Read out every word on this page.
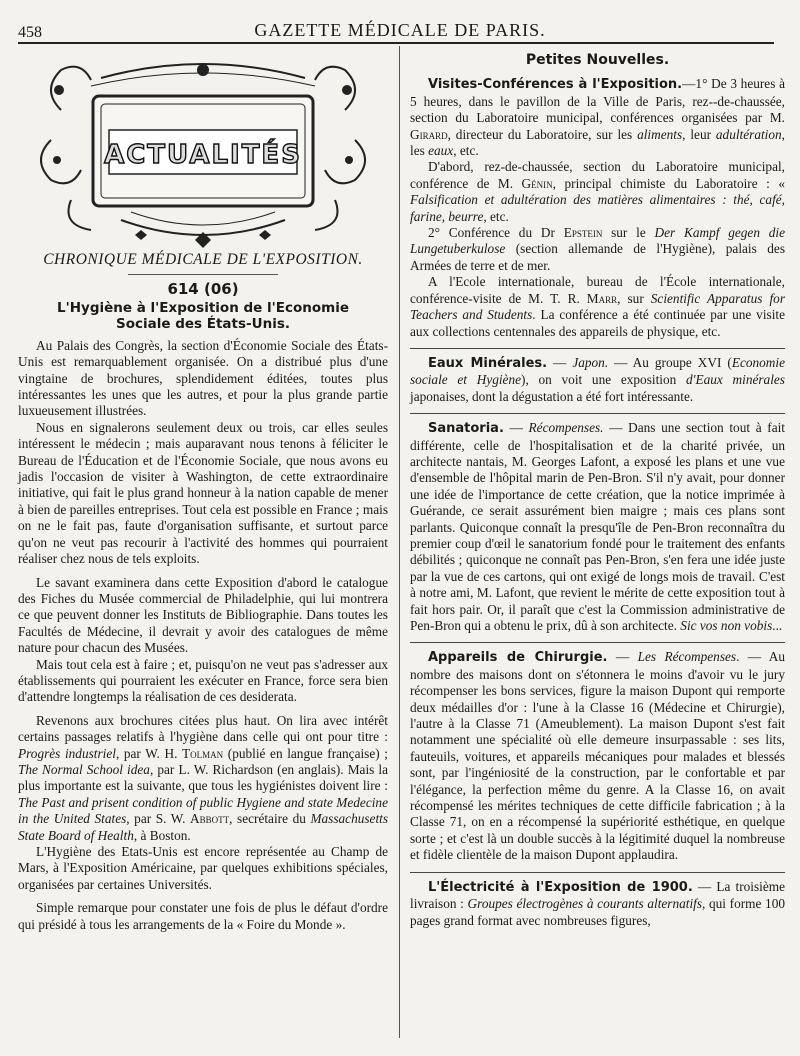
458	GAZETTE MÉDICALE DE PARIS.
ACTUALITÉS
CHRONIQUE MÉDICALE DE L'EXPOSITION.
614 (06)
L'Hygiène à l'Exposition de l'Economie
Sociale des États-Unis.

Au Palais des Congrès, la section d'Économie Sociale des États-Unis est remarquablement organisée. On a distribué plus d'une vingtaine de brochures, splendidement éditées, toutes plus intéressantes les unes que les autres, et pour la plus grande partie luxueusement illustrées.

Nous en signalerons seulement deux ou trois, car elles seules intéressent le médecin ; mais auparavant nous tenons à féliciter le Bureau de l'Éducation et de l'Économie Sociale, que nous avons eu jadis l'occasion de visiter à Washington, de cette extraordinaire initiative, qui fait le plus grand honneur à la nation capable de mener à bien de pareilles entreprises. Tout cela est possible en France ; mais on ne le fait pas, faute d'organisation suffisante, et surtout parce qu'on ne veut pas recourir à l'activité des hommes qui pourraient réaliser chez nous de tels exploits.

Le savant examinera dans cette Exposition d'abord le catalogue des Fiches du Musée commercial de Philadelphie, qui lui montrera ce que peuvent donner les Instituts de Bibliographie. Dans toutes les Facultés de Médecine, il devrait y avoir des catalogues de même nature pour chacun des Musées.

Mais tout cela est à faire ; et, puisqu'on ne veut pas s'adresser aux établissements qui pourraient les exécuter en France, force sera bien d'attendre longtemps la réalisation de ces desiderata.

Revenons aux brochures citées plus haut. On lira avec intérêt certains passages relatifs à l'hygiène dans celle qui ont pour titre : Progrès industriel, par W. H. Tolman (publié en langue française) ; The Normal School idea, par L. W. Richardson (en anglais). Mais la plus importante est la suivante, que tous les hygiénistes doivent lire : The Past and prisent condition of public Hygiene and state Medecine in the United States, par S. W. Abbott, secrétaire du Massachusetts State Board of Health, à Boston.

L'Hygiène des Etats-Unis est encore représentée au Champ de Mars, à l'Exposition Américaine, par quelques exhibitions spéciales, organisées par certaines Universités.

Simple remarque pour constater une fois de plus le défaut d'ordre qui présidé à tous les arrangements de la « Foire du Monde ».

Petites Nouvelles.

Visites-Conférences à l'Exposition.—1° De 3 heures à 5 heures, dans le pavillon de la Ville de Paris, rez--de-chaussée, section du Laboratoire municipal, conférences organisées par M. Girard, directeur du Laboratoire, sur les aliments, leur adultération, les eaux, etc.

D'abord, rez-de-chaussée, section du Laboratoire municipal, conférence de M. Génin, principal chimiste du Laboratoire : « Falsification et adultération des matières alimentaires : thé, café, farine, beurre, etc.

2° Conférence du Dr Epstein sur le Der Kampf gegen die Lungetuberkulose (section allemande de l'Hygiène), palais des Armées de terre et de mer.

A l'Ecole internationale, bureau de l'École internationale, conférence-visite de M. T. R. Marr, sur Scientific Apparatus for Teachers and Students. La conférence a été continuée par une visite aux collections centennales des appareils de physique, etc.

Eaux Minérales. — Japon. — Au groupe XVI (Economie sociale et Hygiène), on voit une exposition d'Eaux minérales japonaises, dont la dégustation a été fort intéressante.

Sanatoria. — Récompenses. — Dans une section tout à fait différente, celle de l'hospitalisation et de la charité privée, un architecte nantais, M. Georges Lafont, a exposé les plans et une vue d'ensemble de l'hôpital marin de Pen-Bron. S'il n'y avait, pour donner une idée de l'importance de cette création, que la notice imprimée à Guérande, ce serait assurément bien maigre ; mais ces plans sont parlants. Quiconque connaît la presqu'île de Pen-Bron reconnaîtra du premier coup d'œil le sanatorium fondé pour le traitement des enfants débilités ; quiconque ne connaît pas Pen-Bron, s'en fera une idée juste par la vue de ces cartons, qui ont exigé de longs mois de travail. C'est à notre ami, M. Lafont, que revient le mérite de cette exposition tout à fait hors pair. Or, il paraît que c'est la Commission administrative de Pen-Bron qui a obtenu le prix, dû à son architecte. Sic vos non vobis...

Appareils de Chirurgie. — Les Récompenses. — Au nombre des maisons dont on s'étonnera le moins d'avoir vu le jury récompenser les bons services, figure la maison Dupont qui remporte deux médailles d'or : l'une à la Classe 16 (Médecine et Chirurgie), l'autre à la Classe 71 (Ameublement). La maison Dupont s'est fait notamment une spécialité où elle demeure insurpassable : ses lits, fauteuils, voitures, et appareils mécaniques pour malades et blessés sont, par l'ingéniosité de la construction, par le confortable et par l'élégance, la perfection même du genre. A la Classe 16, on avait récompensé les mérites techniques de cette difficile fabrication ; à la Classe 71, on en a récompensé la supériorité esthétique, en quelque sorte ; et c'est là un double succès à la légitimité duquel la nombreuse et fidèle clientèle de la maison Dupont applaudira.

L'Électricité à l'Exposition de 1900. — La troisième livraison : Groupes électrogènes à courants alternatifs, qui forme 100 pages grand format avec nombreuses figures,
